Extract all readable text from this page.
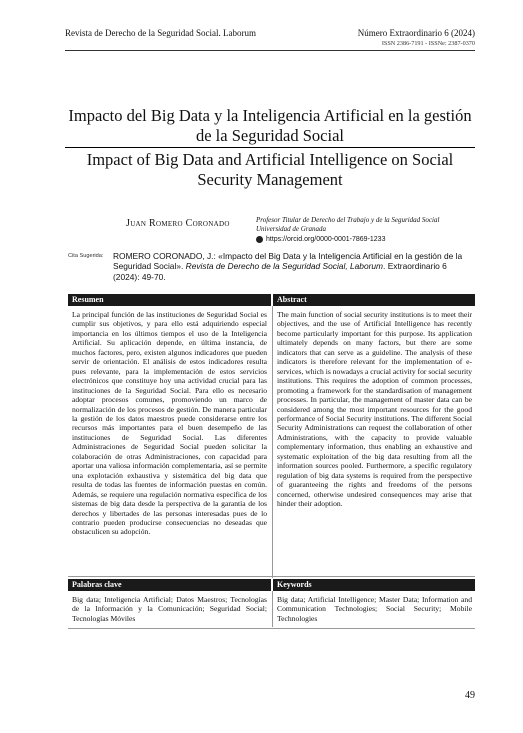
Revista de Derecho de la Seguridad Social. Laborum	Número Extraordinario 6 (2024)
ISSN 2386-7191 - ISSNe: 2387-0370
Impacto del Big Data y la Inteligencia Artificial en la gestión de la Seguridad Social
Impact of Big Data and Artificial Intelligence on Social Security Management
Juan Romero Coronado	Profesor Titular de Derecho del Trabajo y de la Seguridad Social
Universidad de Granada
https://orcid.org/0000-0001-7869-1233
Cita Sugerida: ROMERO CORONADO, J.: «Impacto del Big Data y la Inteligencia Artificial en la gestión de la Seguridad Social». Revista de Derecho de la Seguridad Social, Laborum. Extraordinario 6 (2024): 49-70.
Resumen	Abstract
La principal función de las instituciones de Seguridad Social es cumplir sus objetivos, y para ello está adquiriendo especial importancia en los últimos tiempos el uso de la Inteligencia Artificial. Su aplicación depende, en última instancia, de muchos factores, pero, existen algunos indicadores que pueden servir de orientación. El análisis de estos indicadores resulta pues relevante, para la implementación de estos servicios electrónicos que constituye hoy una actividad crucial para las instituciones de la Seguridad Social. Para ello es necesario adoptar procesos comunes, promoviendo un marco de normalización de los procesos de gestión. De manera particular la gestión de los datos maestros puede considerarse entre los recursos más importantes para el buen desempeño de las instituciones de Seguridad Social. Las diferentes Administraciones de Seguridad Social pueden solicitar la colaboración de otras Administraciones, con capacidad para aportar una valiosa información complementaria, así se permite una explotación exhaustiva y sistemática del big data que resulta de todas las fuentes de información puestas en común. Además, se requiere una regulación normativa específica de los sistemas de big data desde la perspectiva de la garantía de los derechos y libertades de las personas interesadas pues de lo contrario pueden producirse consecuencias no deseadas que obstaculicen su adopción.
The main function of social security institutions is to meet their objectives, and the use of Artificial Intelligence has recently become particularly important for this purpose. Its application ultimately depends on many factors, but there are some indicators that can serve as a guideline. The analysis of these indicators is therefore relevant for the implementation of e-services, which is nowadays a crucial activity for social security institutions. This requires the adoption of common processes, promoting a framework for the standardisation of management processes. In particular, the management of master data can be considered among the most important resources for the good performance of Social Security institutions. The different Social Security Administrations can request the collaboration of other Administrations, with the capacity to provide valuable complementary information, thus enabling an exhaustive and systematic exploitation of the big data resulting from all the information sources pooled. Furthermore, a specific regulatory regulation of big data systems is required from the perspective of guaranteeing the rights and freedoms of the persons concerned, otherwise undesired consequences may arise that hinder their adoption.
Palabras clave	Keywords
Big data; Inteligencia Artificial; Datos Maestros; Tecnologías de la Información y la Comunicación; Seguridad Social; Tecnologías Móviles
Big data; Artificial Intelligence; Master Data; Information and Communication Technologies; Social Security; Mobile Technologies
49
